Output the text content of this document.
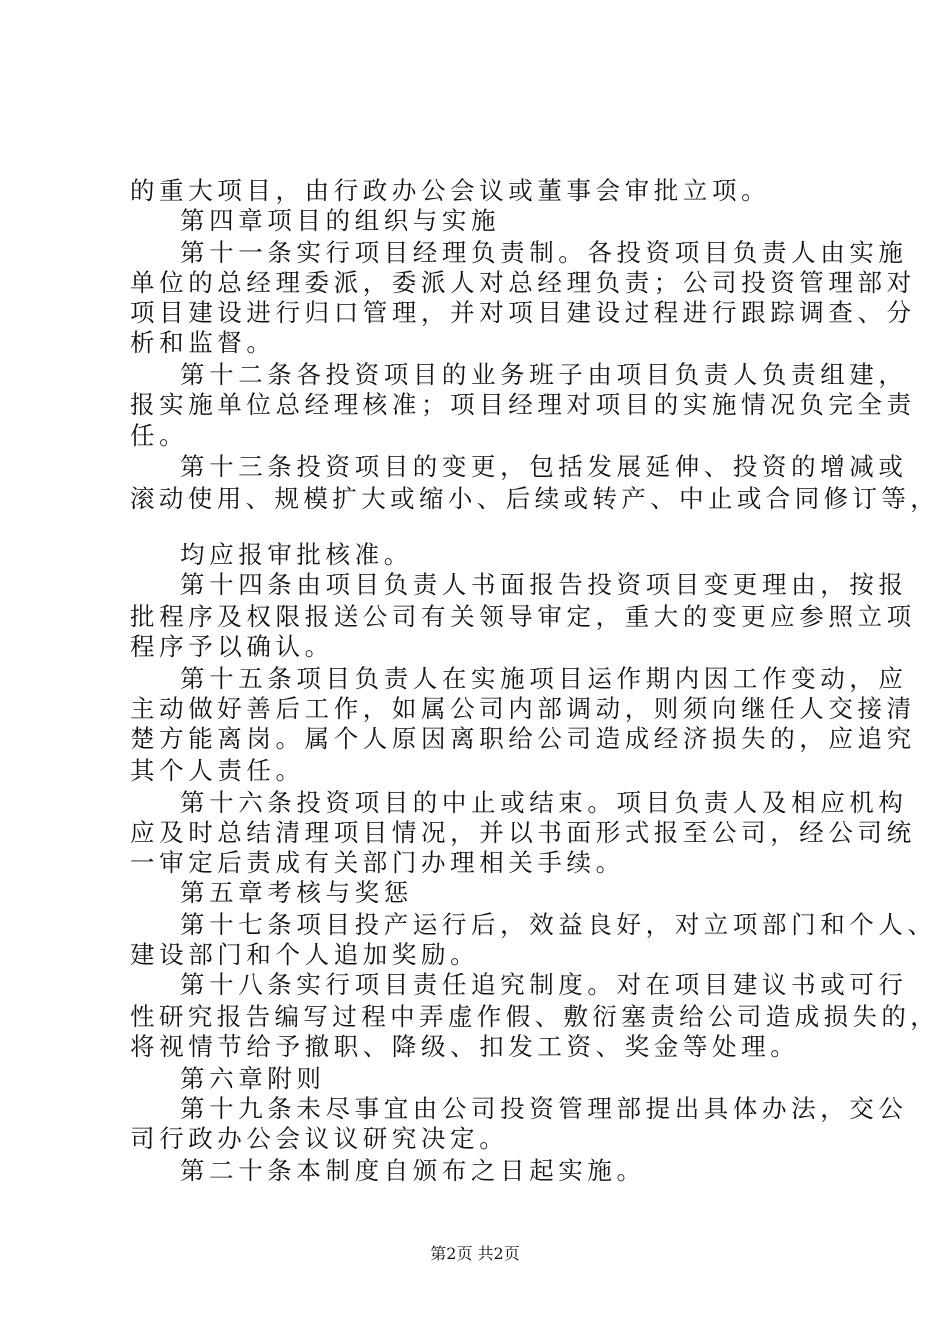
的重大项目，由行政办公会议或董事会审批立项。
第四章项目的组织与实施
第十一条实行项目经理负责制。各投资项目负责人由实施
单位的总经理委派，委派人对总经理负责；公司投资管理部对
项目建设进行归口管理，并对项目建设过程进行跟踪调查、分
析和监督。
第十二条各投资项目的业务班子由项目负责人负责组建，
报实施单位总经理核准；项目经理对项目的实施情况负完全责
任。
第十三条投资项目的变更，包括发展延伸、投资的增减或
滚动使用、规模扩大或缩小、后续或转产、中止或合同修订等，
均应报审批核准。
第十四条由项目负责人书面报告投资项目变更理由，按报
批程序及权限报送公司有关领导审定，重大的变更应参照立项
程序予以确认。
第十五条项目负责人在实施项目运作期内因工作变动，应
主动做好善后工作，如属公司内部调动，则须向继任人交接清
楚方能离岗。属个人原因离职给公司造成经济损失的，应追究
其个人责任。
第十六条投资项目的中止或结束。项目负责人及相应机构
应及时总结清理项目情况，并以书面形式报至公司，经公司统
一审定后责成有关部门办理相关手续。
第五章考核与奖惩
第十七条项目投产运行后，效益良好，对立项部门和个人、
建设部门和个人追加奖励。
第十八条实行项目责任追究制度。对在项目建议书或可行
性研究报告编写过程中弄虚作假、敷衍塞责给公司造成损失的，
将视情节给予撤职、降级、扣发工资、奖金等处理。
第六章附则
第十九条未尽事宜由公司投资管理部提出具体办法，交公
司行政办公会议议研究决定。
第二十条本制度自颁布之日起实施。
第2页 共2页
